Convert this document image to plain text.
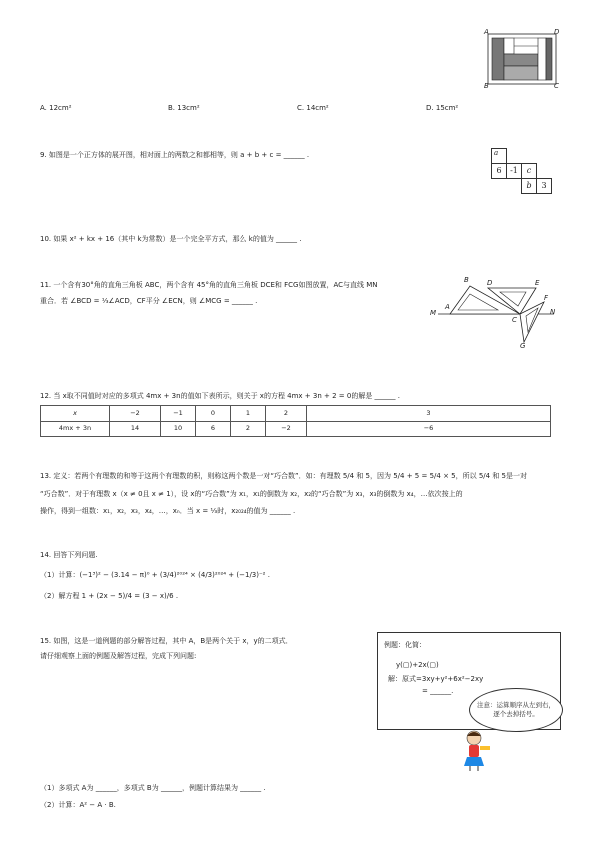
A	D
B	C
A. 12cm²	B. 13cm²	C. 14cm²	D. 15cm²
9. 如图是一个正方体的展开图，相对面上的两数之和都相等，则 a + b + c = ______ .	a
6	-1	c
b	3
10. 如果 x² + kx + 16（其中 k为常数）是一个完全平方式，那么 k的值为 ______ .
11. 一个含有30°角的直角三角板 ABC，两个含有 45°角的直角三角板 DCE和 FCG如图放置，AC与直线 MN
重合．若 ∠BCD = ⅓∠ACD，CF平分 ∠ECN，则 ∠MCG = ______ .
M
A
B	D	E
F
C
N
G
12. 当 x取不同值时对应的多项式 4mx + 3n的值如下表所示，则关于 x的方程 4mx + 3n + 2 = 0的解是 ______ .
x	−2	−1	0	1	2	3
4mx + 3n	14	10	6	2	−2	−6
13. 定义：若两个有理数的和等于这两个有理数的积，则称这两个数是一对“巧合数”．如：有理数 5/4 和 5，因为 5/4 + 5 = 5/4 × 5，所以 5/4 和 5是一对
“巧合数”．对于有理数 x（x ≠ 0且 x ≠ 1），设 x的“巧合数”为 x₁，x₁的倒数为 x₂，x₂的“巧合数”为 x₃，x₃的倒数为 x₄，…依次按上的
操作，得到一组数：x₁，x₂，x₃，x₄，…，xₙ．当 x = ⅓时，x₂₀₂₄的值为 ______ .
14. 回答下列问题.
（1）计算：(−1³)² − (3.14 − π)⁰ + (3/4)²⁰²⁴ × (4/3)²⁰²⁴ + (−1/3)⁻² .
（2）解方程 1 + (2x − 5)/4 = (3 − x)/6 .
15. 如图，这是一道例题的部分解答过程，其中 A，B是两个关于 x，y的二项式．
请仔细观察上面的例题及解答过程，完成下列问题:
例题：化简：
y(▢)+2x(▢)
解：原式=3xy+y²+6x²−2xy
= ______.
注意：运算顺序从左到右，逐个去掉括号。
（1）多项式 A为 ______，多项式 B为 ______，例题计算结果为 ______ .
（2）计算：A² − A · B.
